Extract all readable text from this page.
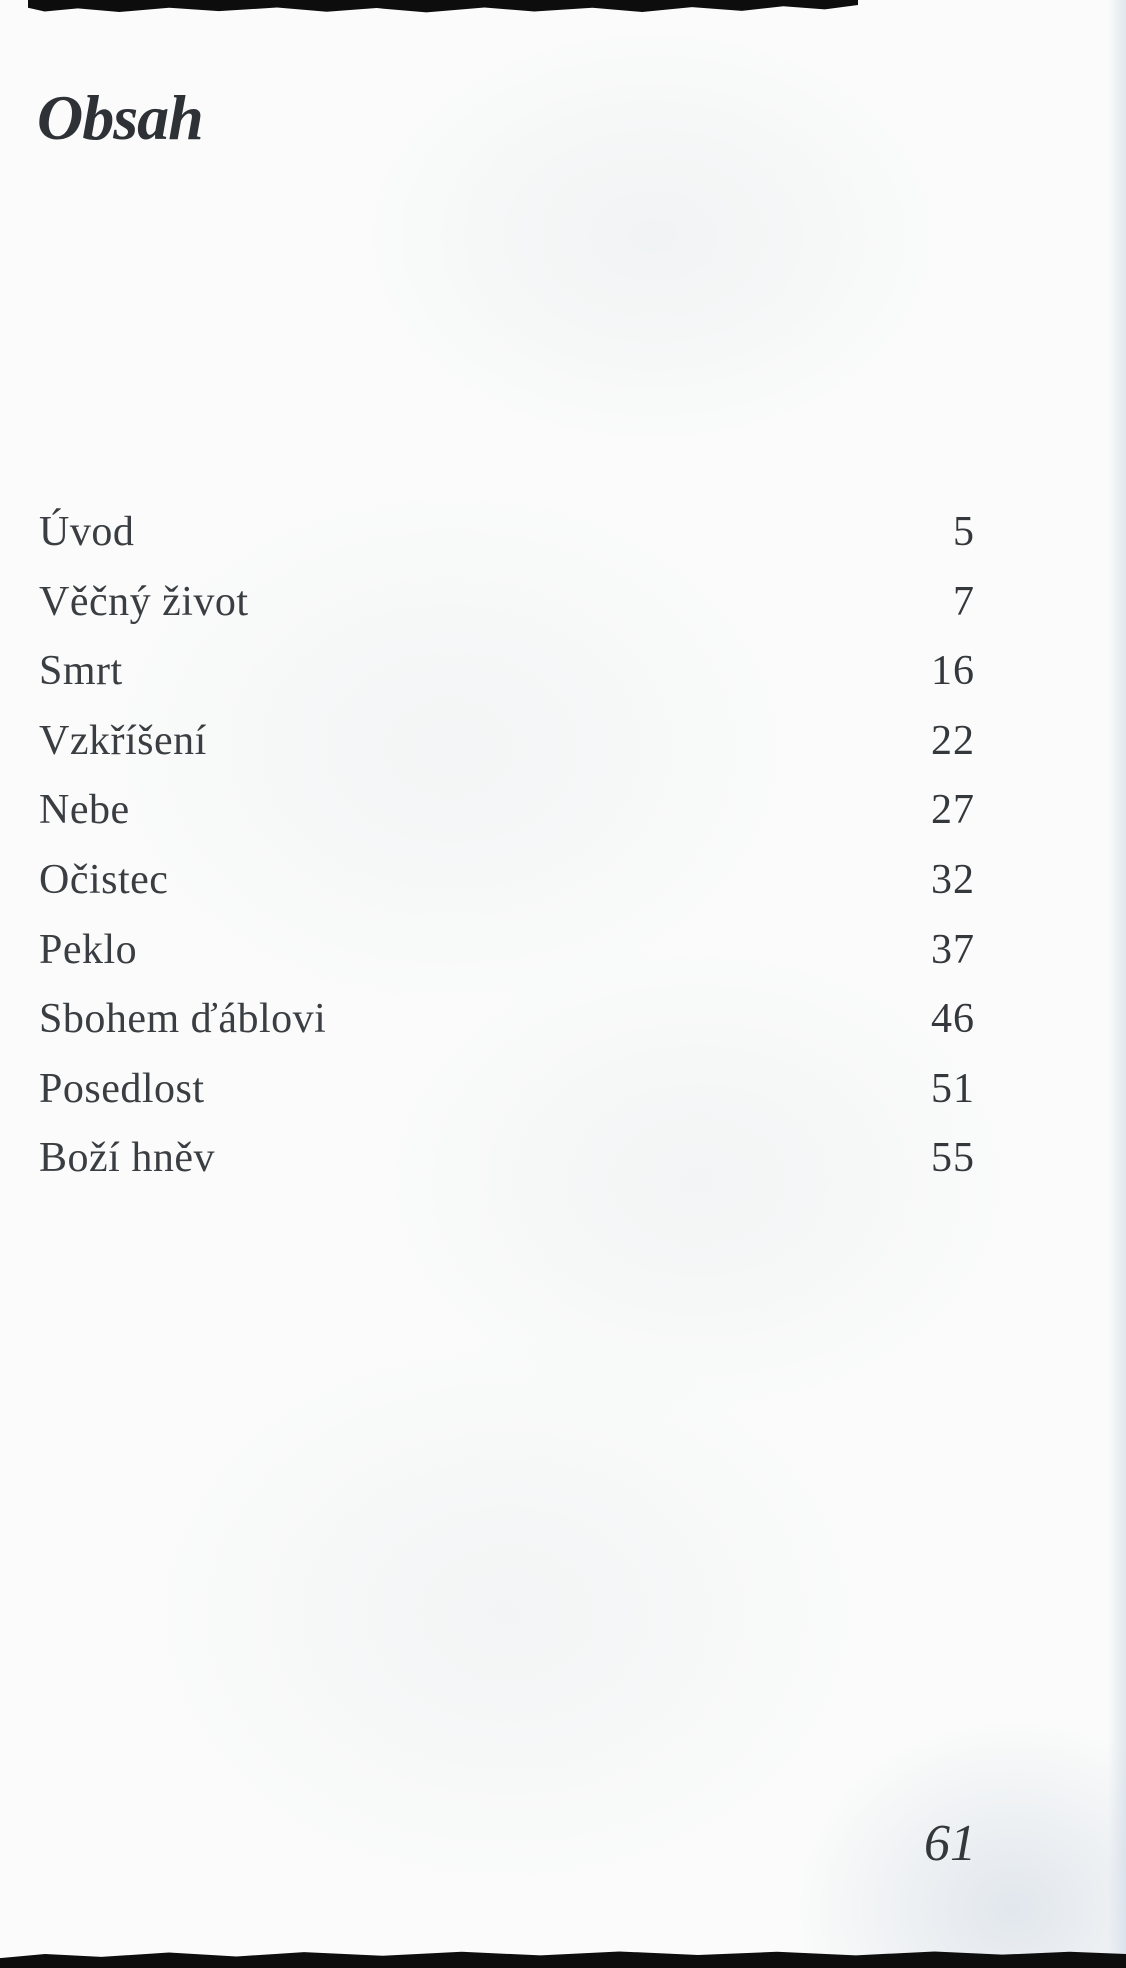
Obsah
Úvod	5
Věčný život	7
Smrt	16
Vzkříšení	22
Nebe	27
Očistec	32
Peklo	37
Sbohem ďáblovi	46
Posedlost	51
Boží hněv	55
61
